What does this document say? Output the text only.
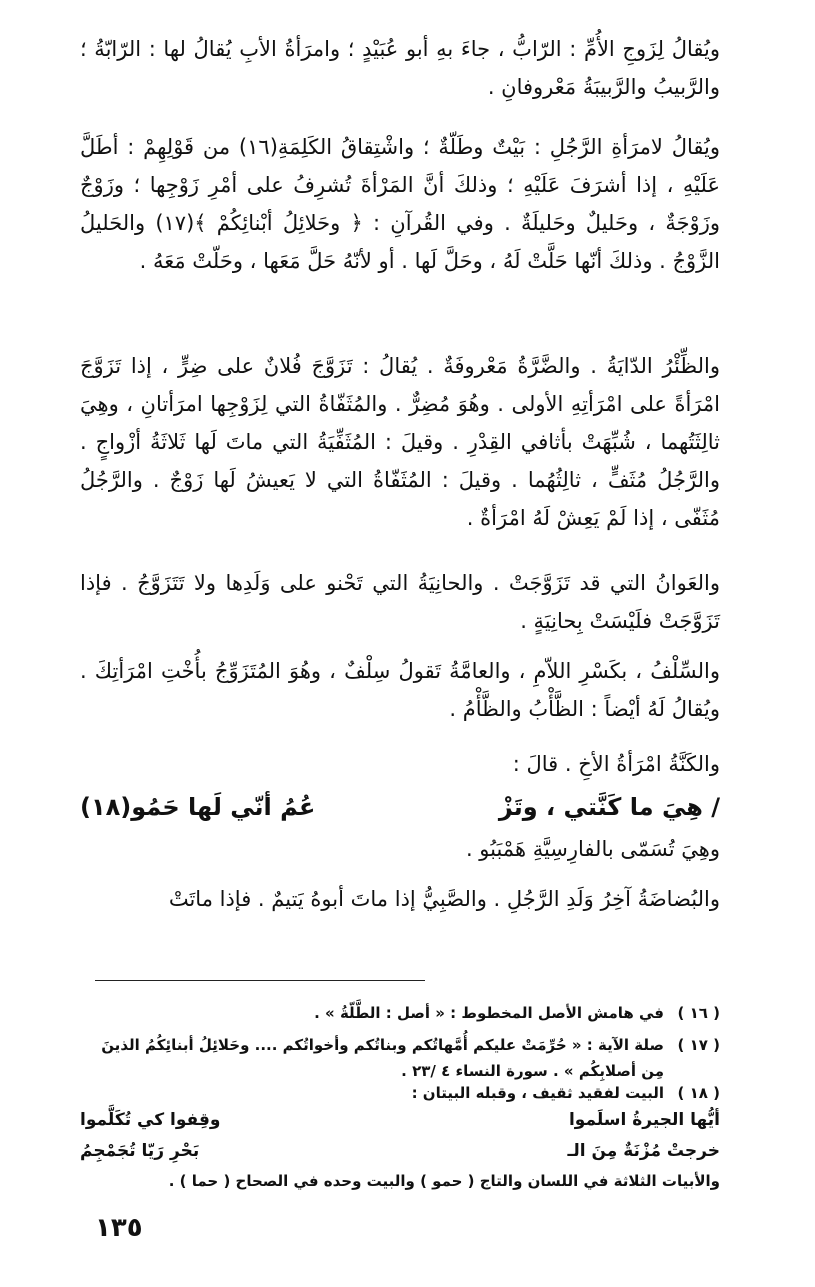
ويُقالُ لِزَوجِ الأُمِّ : الرّابُّ ، جاءَ بهِ أبو عُبَيْدٍ ؛ وامرَأةُ الأبِ يُقالُ لها : الرّابّةُ ؛ والرَّبيبُ والرَّبيبَةُ مَعْروفانِ .

ويُقالُ لامرَأةِ الرَّجُلِ : بَيْتٌ وطَلّةٌ ؛ واشْتِقاقُ الكَلِمَةِ(١٦) من قَوْلِهِمْ : أطَلَّ عَلَيْهِ ، إذا أشرَفَ عَلَيْهِ ؛ وذلكَ أنَّ المَرْأةَ تُشرِفُ على أمْرِ زَوْجِها ؛ وزَوْجٌ وزَوْجَةٌ ، وحَليلٌ وحَليلَةٌ . وفي القُرآنِ : ﴿ وحَلائِلُ أبْنائِكُمْ ﴾(١٧) والحَليلُ الزَّوْجُ . وذلكَ أنّها حَلَّتْ لَهُ ، وحَلَّ لَها . أو لأنّهُ حَلَّ مَعَها ، وحَلّتْ مَعَهُ .

والظِّئْرُ الدّايَةُ . والضَّرَّةُ مَعْروفَةٌ . يُقالُ : تَزَوَّجَ فُلانٌ على ضِرٍّ ، إذا تَزَوَّجَ امْرَأةً على امْرَأتِهِ الأولى . وهُوَ مُضِرٌّ . والمُثَفّاةُ التي لِزَوْجِها امرَأتانِ ، وهِيَ ثالِثَتُهما ، شُبِّهَتْ بأثافي القِدْرِ . وقيلَ : المُثَفِّيَةُ التي ماتَ لَها ثَلاثَةُ أزْواجٍ . والرَّجُلُ مُثَفٍّ ، ثالِثُهُما . وقيلَ : المُثَفّاةُ التي لا يَعيشُ لَها زَوْجٌ . والرَّجُلُ مُثَفّى ، إذا لَمْ يَعِشْ لَهُ امْرَأةٌ .

والعَوانُ التي قد تَزَوَّجَتْ . والحانِيَةُ التي تَحْنو على وَلَدِها ولا تَتَزَوَّجُ . فإذا تَزَوَّجَتْ فلَيْسَتْ بِحانِيَةٍ .

والسِّلْفُ ، بكَسْرِ اللاّمِ ، والعامَّةُ تَقولُ سِلْفٌ ، وهُوَ المُتَزَوِّجُ بأُخْتِ امْرَأتِكَ . ويُقالُ لَهُ أيْضاً : الظَّأْبُ والظَّأْمُ .

والكَنَّةُ امْرَأةُ الأخِ . قالَ :

/ هِيَ ما كَنَّتي ، وتَزْ
عُمُ أنّي لَها حَمُو(١٨)

وهِيَ تُسَمّى بالفارِسِيَّةِ هَمْبَبُو .

والبُضاضَةُ آخِرُ وَلَدِ الرَّجُلِ . والصَّبِيُّ إذا ماتَ أبوهُ يَتيمٌ . فإذا ماتَتْ

( ١٦ )
في هامش الأصل المخطوط : « أصل : الطَّلّةُ » .
( ١٧ )
صلة الآية : « حُرِّمَتْ عليكم أُمَّهاتُكم وبناتُكم وأخواتُكم .... وحَلائِلُ أبنائِكُمُ الذينَ مِن أصلابِكُم » . سورة النساء ٤ /٢٣ .
( ١٨ )
البيت لفقيد ثقيف ، وقبله البيتان :
أيُّها الجيرةُ اسلَموا
وقِفوا كي تُكَلَّموا
خرجتْ مُزْنَةٌ مِنَ الـ
بَحْرِ رَيّا تُجَمْجِمُ
والأبيات الثلاثة في اللسان والتاج ( حمو ) والبيت وحده في الصحاح ( حما ) .
١٣٥
